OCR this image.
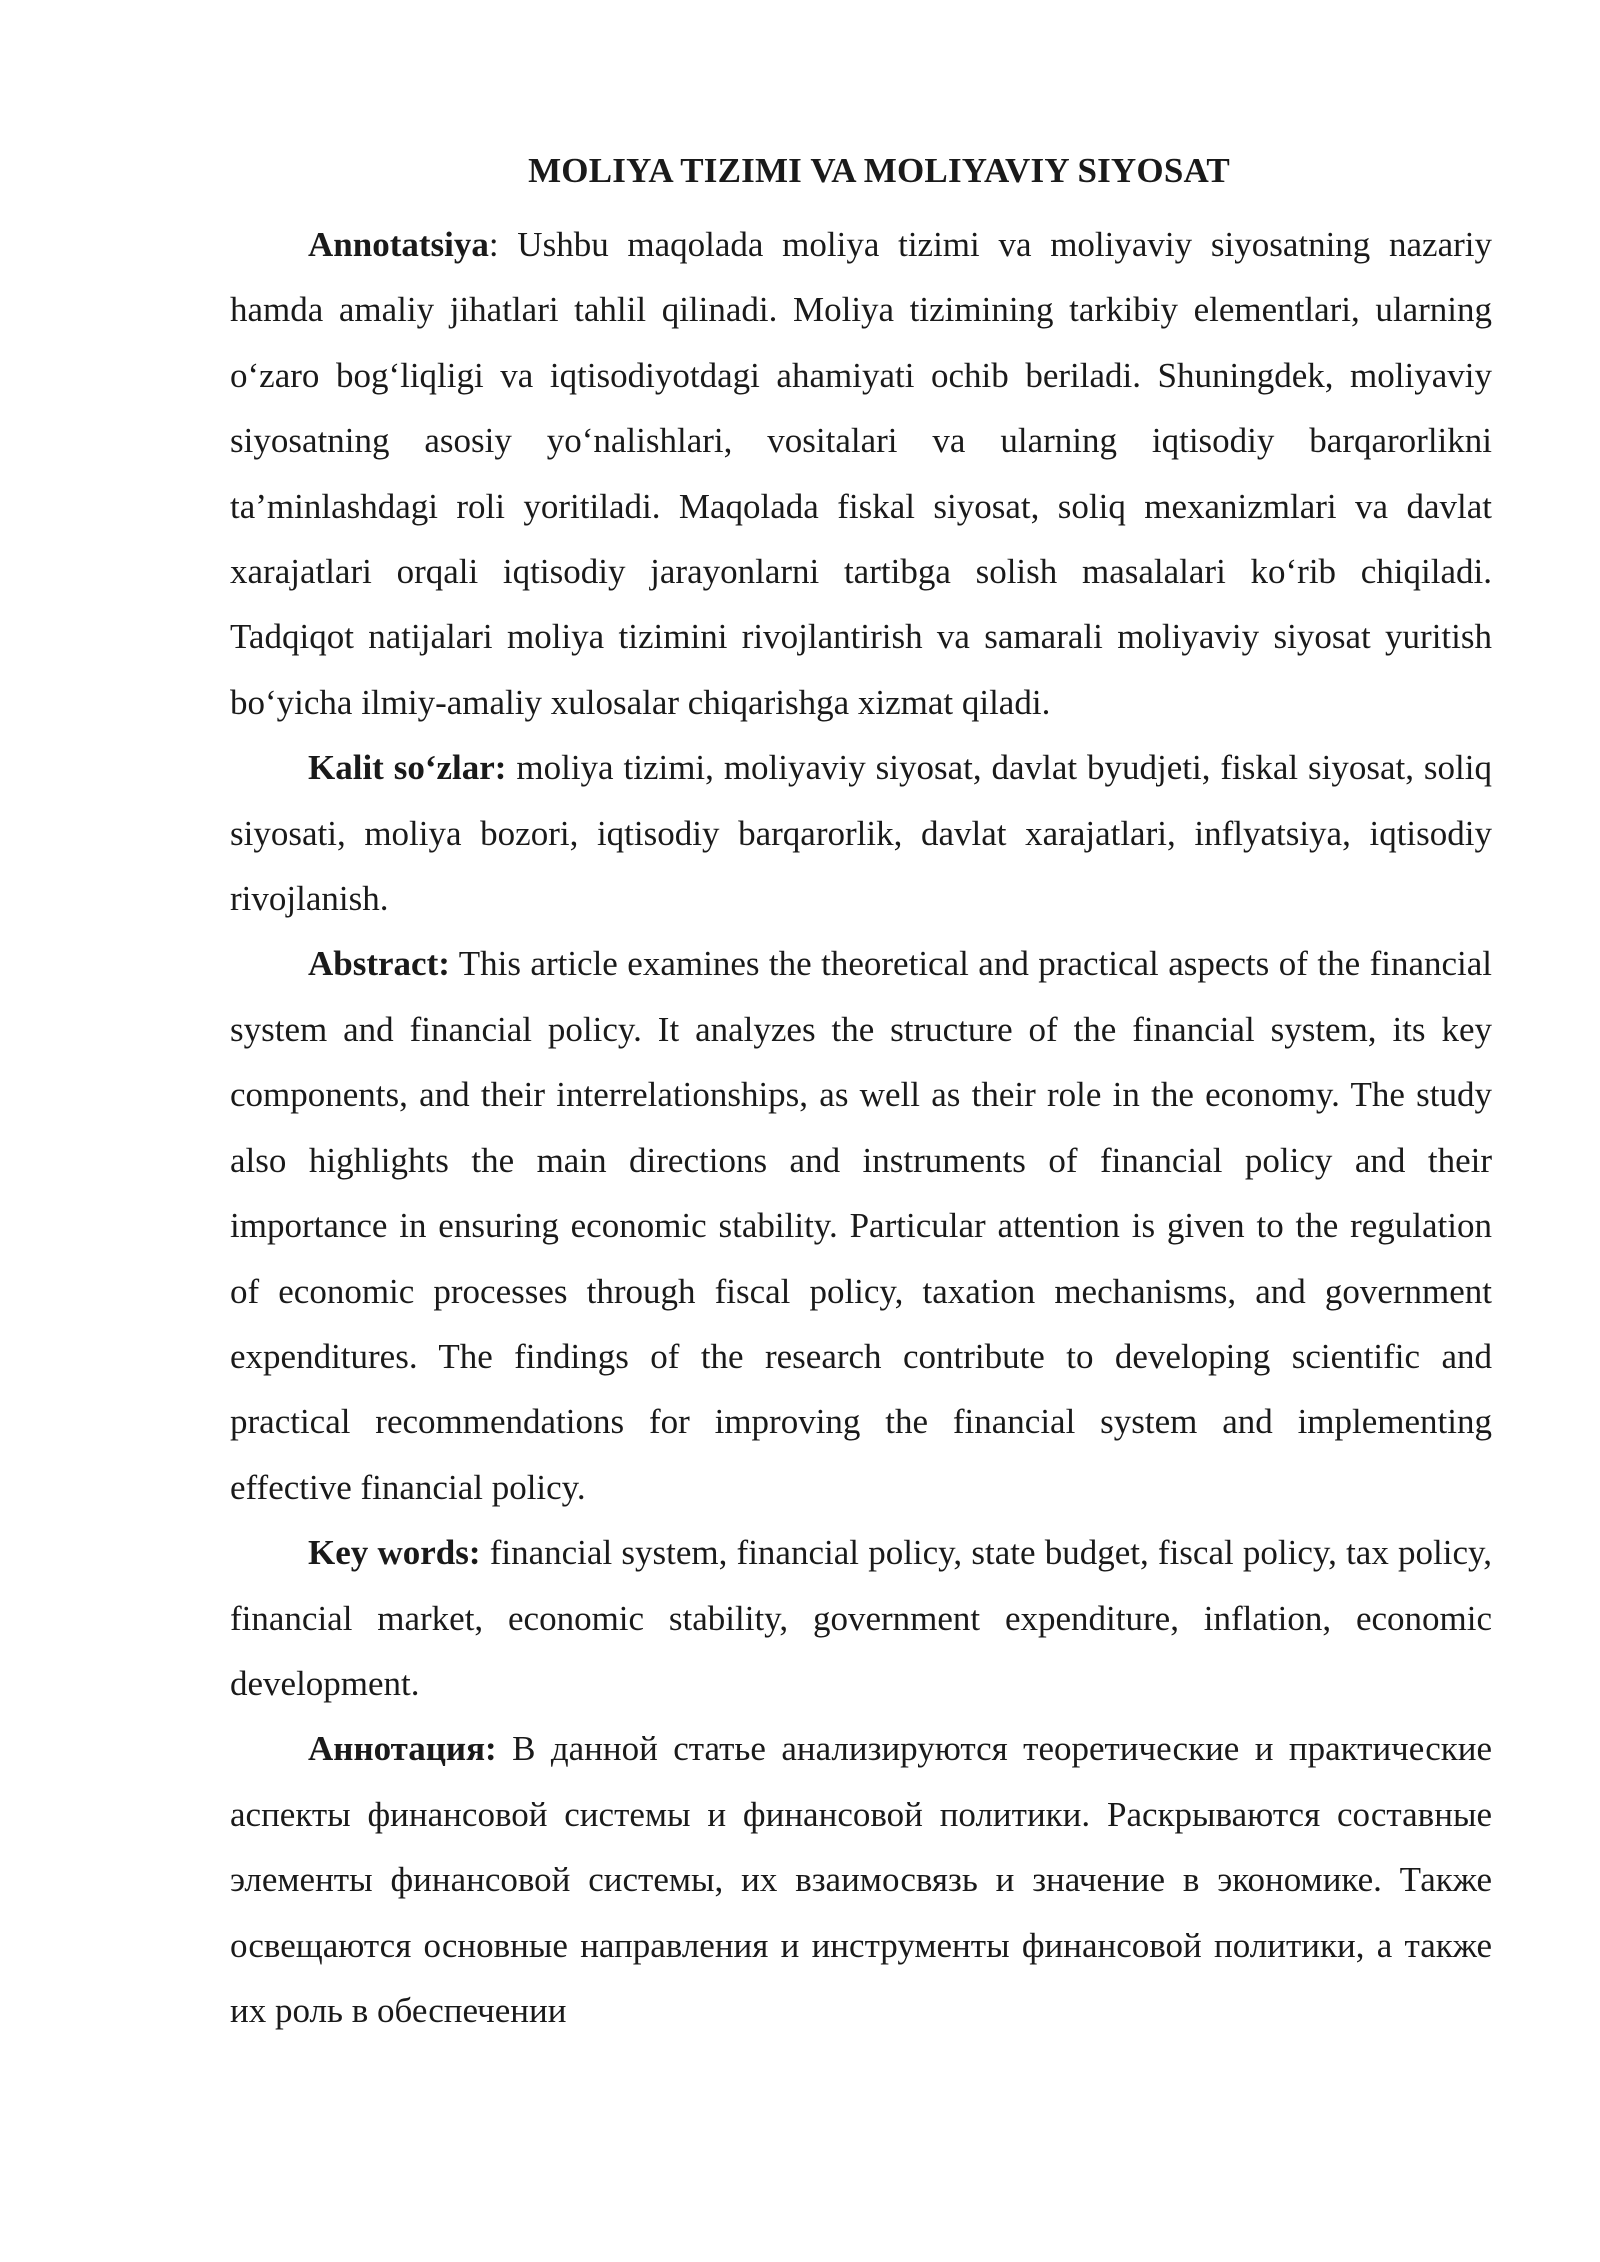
MOLIYA TIZIMI VA MOLIYAVIY SIYOSAT

Annotatsiya: Ushbu maqolada moliya tizimi va moliyaviy siyosatning nazariy hamda amaliy jihatlari tahlil qilinadi. Moliya tizimining tarkibiy elementlari, ularning o‘zaro bog‘liqligi va iqtisodiyotdagi ahamiyati ochib beriladi. Shuningdek, moliyaviy siyosatning asosiy yo‘nalishlari, vositalari va ularning iqtisodiy barqarorlikni ta’minlashdagi roli yoritiladi. Maqolada fiskal siyosat, soliq mexanizmlari va davlat xarajatlari orqali iqtisodiy jarayonlarni tartibga solish masalalari ko‘rib chiqiladi. Tadqiqot natijalari moliya tizimini rivojlantirish va samarali moliyaviy siyosat yuritish bo‘yicha ilmiy-amaliy xulosalar chiqarishga xizmat qiladi.

Kalit so‘zlar: moliya tizimi, moliyaviy siyosat, davlat byudjeti, fiskal siyosat, soliq siyosati, moliya bozori, iqtisodiy barqarorlik, davlat xarajatlari, inflyatsiya, iqtisodiy rivojlanish.

Abstract: This article examines the theoretical and practical aspects of the financial system and financial policy. It analyzes the structure of the financial system, its key components, and their interrelationships, as well as their role in the economy. The study also highlights the main directions and instruments of financial policy and their importance in ensuring economic stability. Particular attention is given to the regulation of economic processes through fiscal policy, taxation mechanisms, and government expenditures. The findings of the research contribute to developing scientific and practical recommendations for improving the financial system and implementing effective financial policy.

Key words: financial system, financial policy, state budget, fiscal policy, tax policy, financial market, economic stability, government expenditure, inflation, economic development.

Аннотация: В данной статье анализируются теоретические и практические аспекты финансовой системы и финансовой политики. Раскрываются составные элементы финансовой системы, их взаимосвязь и значение в экономике. Также освещаются основные направления и инструменты финансовой политики, а также их роль в обеспечении
